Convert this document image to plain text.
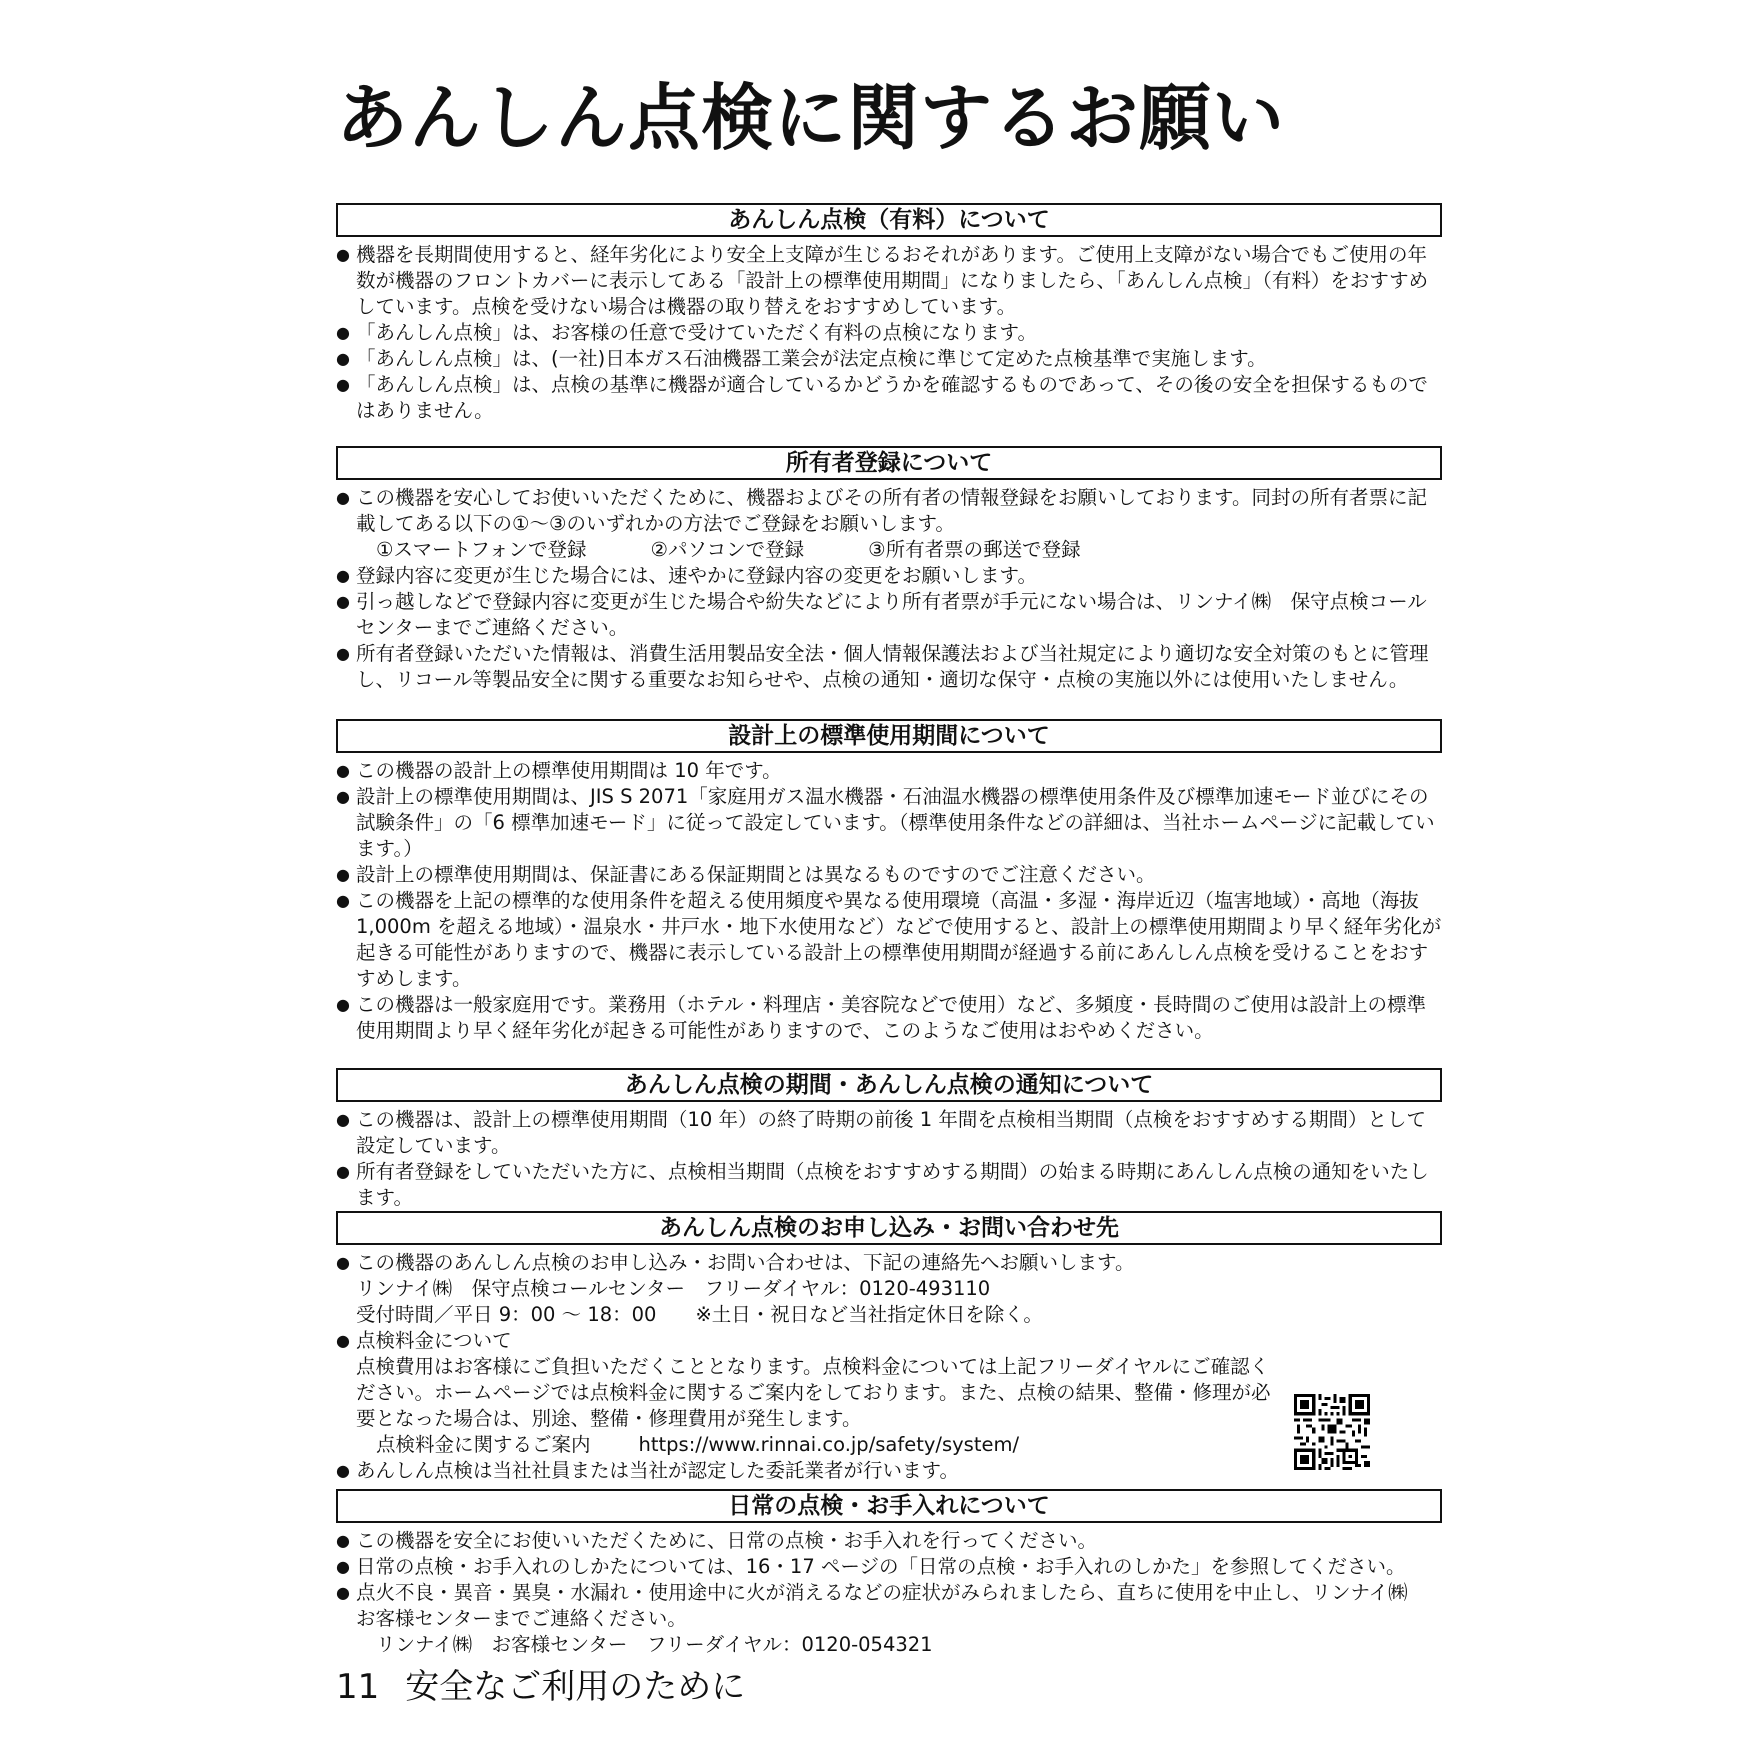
あんしん点検に関するお願い
あんしん点検（有料）について
● 機器を長期間使用すると、経年劣化により安全上支障が生じるおそれがあります。ご使用上支障がない場合でもご使用の年数が機器のフロントカバーに表示してある「設計上の標準使用期間」になりましたら、「あんしん点検」（有料）をおすすめしています。点検を受けない場合は機器の取り替えをおすすめしています。
● 「あんしん点検」は、お客様の任意で受けていただく有料の点検になります。
● 「あんしん点検」は、(一社)日本ガス石油機器工業会が法定点検に準じて定めた点検基準で実施します。
● 「あんしん点検」は、点検の基準に機器が適合しているかどうかを確認するものであって、その後の安全を担保するものではありません。
所有者登録について
● この機器を安心してお使いいただくために、機器およびその所有者の情報登録をお願いしております。同封の所有者票に記載してある以下の①～③のいずれかの方法でご登録をお願いします。
①スマートフォンで登録	②パソコンで登録	③所有者票の郵送で登録
● 登録内容に変更が生じた場合には、速やかに登録内容の変更をお願いします。
● 引っ越しなどで登録内容に変更が生じた場合や紛失などにより所有者票が手元にない場合は、リンナイ㈱　保守点検コールセンターまでご連絡ください。
● 所有者登録いただいた情報は、消費生活用製品安全法・個人情報保護法および当社規定により適切な安全対策のもとに管理し、リコール等製品安全に関する重要なお知らせや、点検の通知・適切な保守・点検の実施以外には使用いたしません。
設計上の標準使用期間について
● この機器の設計上の標準使用期間は 10 年です。
● 設計上の標準使用期間は、JIS S 2071「家庭用ガス温水機器・石油温水機器の標準使用条件及び標準加速モード並びにその試験条件」の「6 標準加速モード」に従って設定しています。（標準使用条件などの詳細は、当社ホームページに記載しています。）
● 設計上の標準使用期間は、保証書にある保証期間とは異なるものですのでご注意ください。
● この機器を上記の標準的な使用条件を超える使用頻度や異なる使用環境（高温・多湿・海岸近辺（塩害地域）・高地（海抜 1,000m を超える地域）・温泉水・井戸水・地下水使用など）などで使用すると、設計上の標準使用期間より早く経年劣化が起きる可能性がありますので、機器に表示している設計上の標準使用期間が経過する前にあんしん点検を受けることをおすすめします。
● この機器は一般家庭用です。業務用（ホテル・料理店・美容院などで使用）など、多頻度・長時間のご使用は設計上の標準使用期間より早く経年劣化が起きる可能性がありますので、このようなご使用はおやめください。
あんしん点検の期間・あんしん点検の通知について
● この機器は、設計上の標準使用期間（10 年）の終了時期の前後 1 年間を点検相当期間（点検をおすすめする期間）として設定しています。
● 所有者登録をしていただいた方に、点検相当期間（点検をおすすめする期間）の始まる時期にあんしん点検の通知をいたします。
あんしん点検のお申し込み・お問い合わせ先
● この機器のあんしん点検のお申し込み・お問い合わせは、下記の連絡先へお願いします。
リンナイ㈱　保守点検コールセンター　フリーダイヤル：0120-493110
受付時間／平日 9：00 ～ 18：00　　※土日・祝日など当社指定休日を除く。
● 点検料金について
点検費用はお客様にご負担いただくこととなります。点検料金については上記フリーダイヤルにご確認ください。ホームページでは点検料金に関するご案内をしております。また、点検の結果、整備・修理が必要となった場合は、別途、整備・修理費用が発生します。
点検料金に関するご案内 https://www.rinnai.co.jp/safety/system/
● あんしん点検は当社社員または当社が認定した委託業者が行います。
日常の点検・お手入れについて
● この機器を安全にお使いいただくために、日常の点検・お手入れを行ってください。
● 日常の点検・お手入れのしかたについては、16・17 ページの「日常の点検・お手入れのしかた」を参照してください。
● 点火不良・異音・異臭・水漏れ・使用途中に火が消えるなどの症状がみられましたら、直ちに使用を中止し、リンナイ㈱　お客様センターまでご連絡ください。
リンナイ㈱　お客様センター　フリーダイヤル：0120-054321
11 安全なご利用のために
